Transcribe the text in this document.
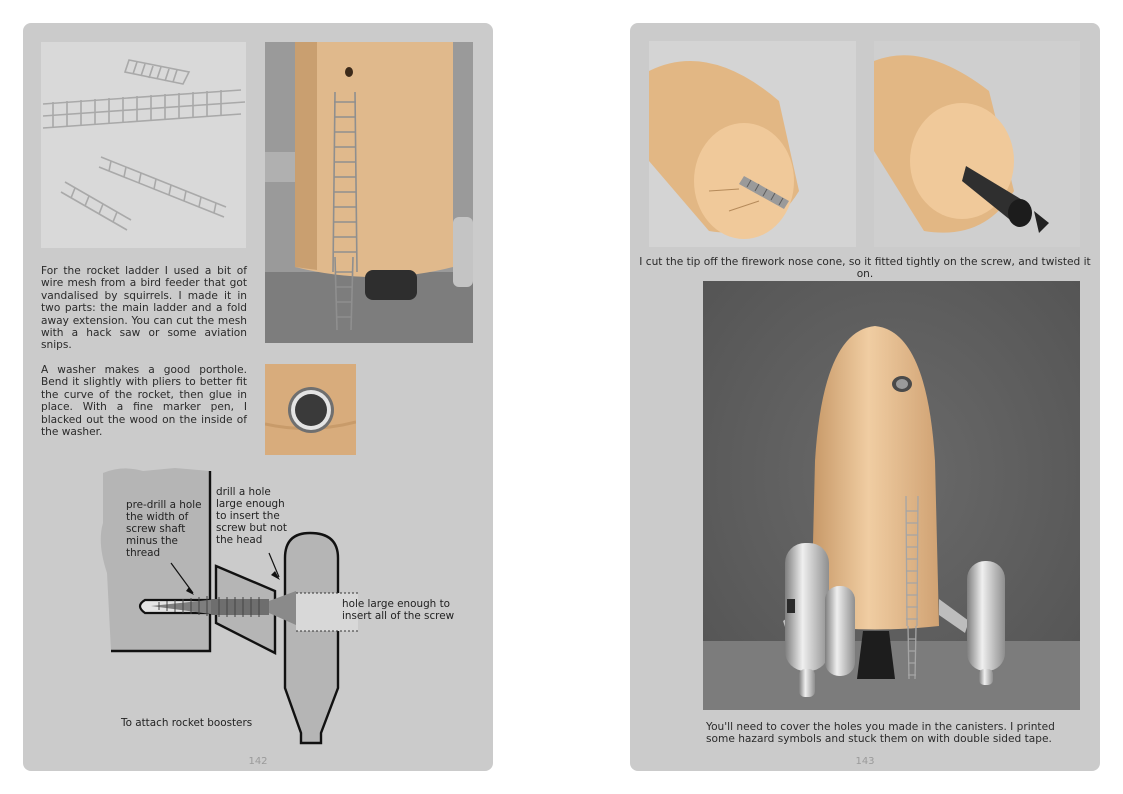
For the rocket ladder I used a bit of wire mesh from a bird feeder that got vandalised by squirrels. I made it in two parts: the main ladder and a fold away extension. You can cut the mesh with a hack saw or some aviation snips.

A washer makes a good porthole. Bend it slightly with pliers to better fit the curve of the rocket, then glue in place. With a fine marker pen, I blacked out the wood on the inside of the washer.

pre-drill a hole the width of screw shaft minus the thread

drill a hole large enough to insert the screw but not the head

hole large enough to insert all of the screw

To attach rocket boosters

142

I cut the tip off the firework nose cone, so it fitted tightly on the screw, and twisted it on.

You'll need to cover the holes you made in the canisters. I printed some hazard symbols and stuck them on with double sided tape.

143
